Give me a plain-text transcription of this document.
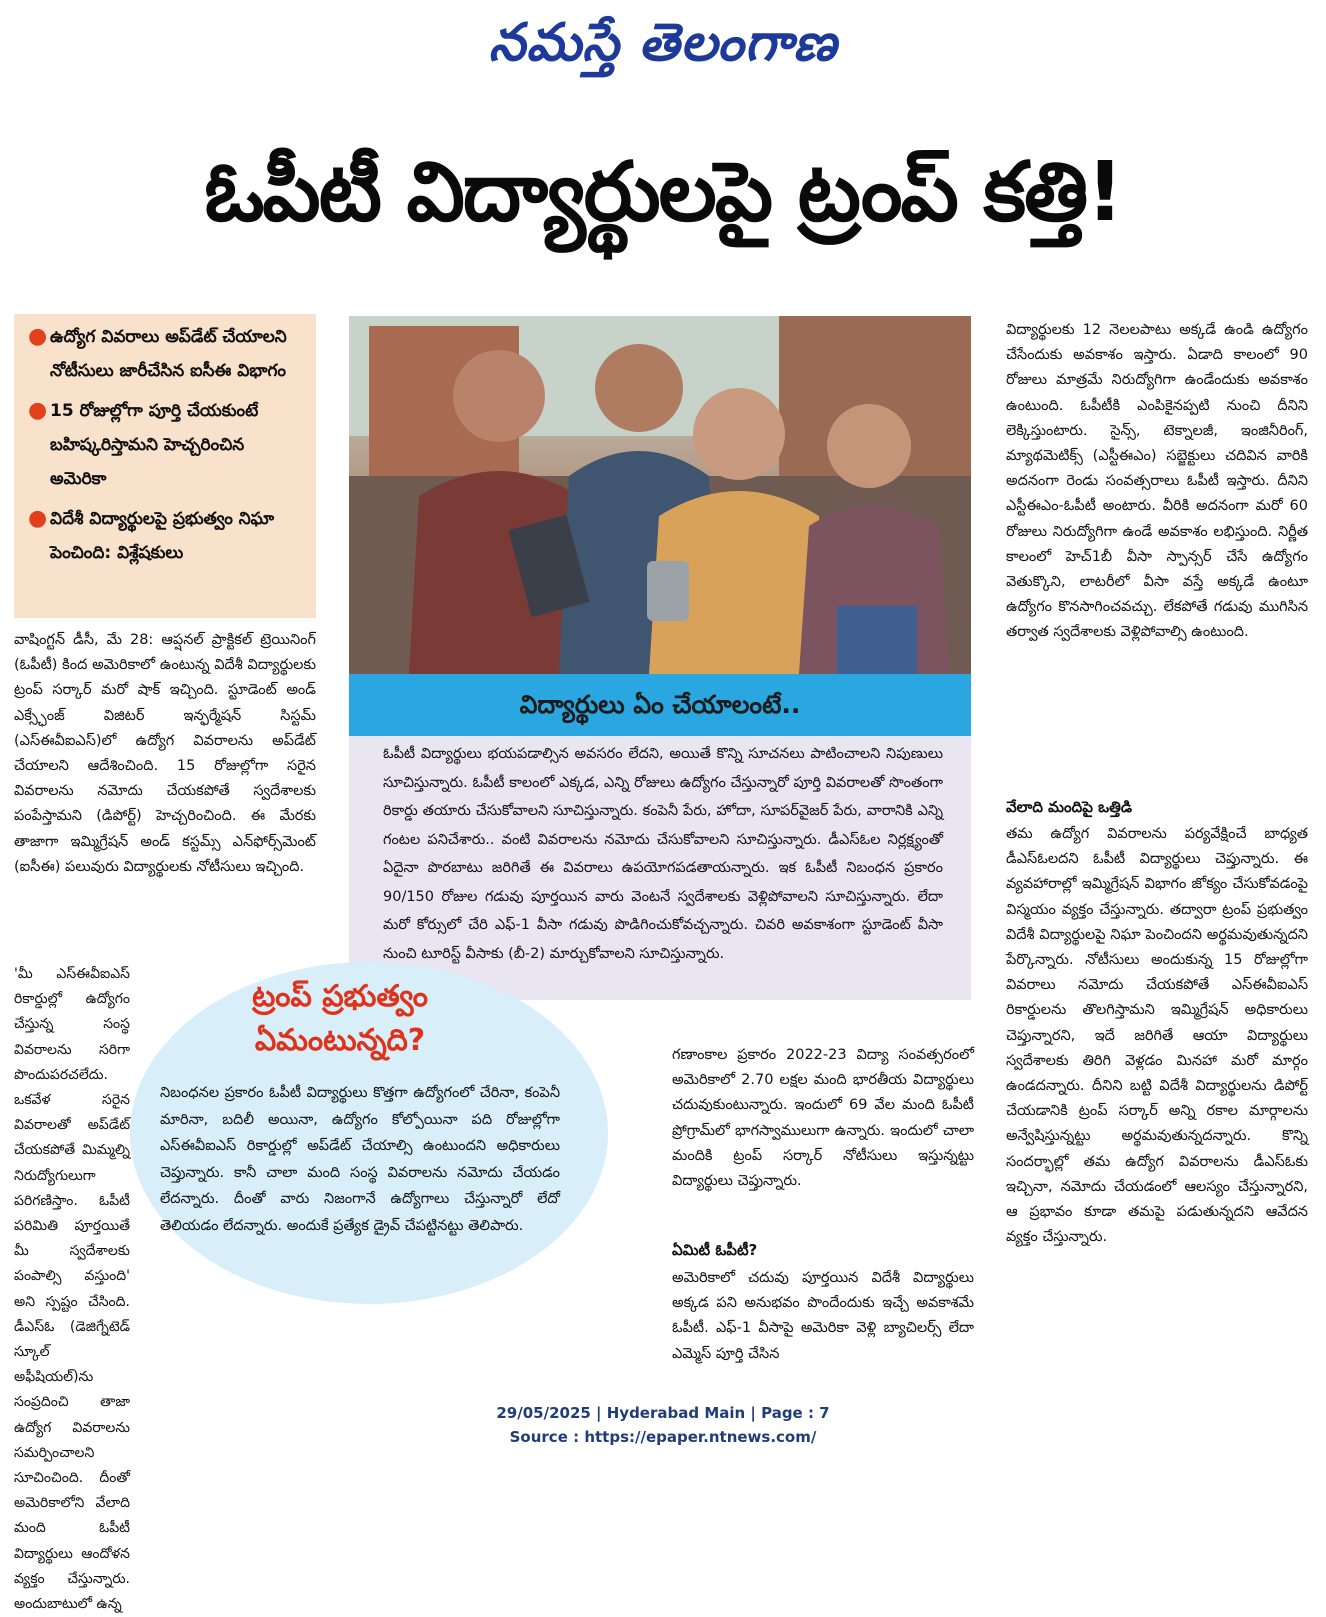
నమస్తే తెలంగాణ
ఓపీటీ విద్యార్థులపై ట్రంప్ కత్తి!
● ఉద్యోగ వివరాలు అప్‌డేట్ చేయాలని నోటీసులు జారీచేసిన ఐసీఈ విభాగం

● 15 రోజుల్లోగా పూర్తి చేయకుంటే బహిష్కరిస్తామని హెచ్చరించిన అమెరికా

● విదేశీ విద్యార్థులపై ప్రభుత్వం నిఘా పెంచింది: విశ్లేషకులు

వాషింగ్టన్ డీసీ, మే 28: ఆప్షనల్ ప్రాక్టికల్ ట్రెయినింగ్ (ఓపీటీ) కింద అమెరికాలో ఉంటున్న విదేశీ విద్యార్థులకు ట్రంప్ సర్కార్ మరో షాక్ ఇచ్చింది. స్టూడెంట్ అండ్ ఎక్స్ఛేంజ్ విజిటర్ ఇన్ఫర్మేషన్ సిస్టమ్ (ఎస్ఈవీఐఎస్)లో ఉద్యోగ వివరాలను అప్‌డేట్ చేయాలని ఆదేశించింది. 15 రోజుల్లోగా సరైన వివరాలను నమోదు చేయకపోతే స్వదేశాలకు పంపేస్తామని (డిపోర్ట్) హెచ్చరించింది. ఈ మేరకు తాజాగా ఇమ్మిగ్రేషన్ అండ్ కస్టమ్స్ ఎన్‌ఫోర్స్‌మెంట్ (ఐసీఈ) పలువురు విద్యార్థులకు నోటీసులు ఇచ్చింది.

'మీ ఎస్ఈవీఐఎస్ రికార్డుల్లో ఉద్యోగం చేస్తున్న సంస్థ వివరాలను సరిగా పొందుపరచలేదు. ఒకవేళ సరైన వివరాలతో అప్‌డేట్ చేయకపోతే మిమ్మల్ని నిరుద్యోగులుగా పరిగణిస్తాం. ఓపీటీ పరిమితి పూర్తయితే మీ స్వదేశాలకు పంపాల్సి వస్తుంది' అని స్పష్టం చేసింది. డీఎస్ఓ (డెజిగ్నేటెడ్ స్కూల్ అఫీషియల్)ను సంప్రదించి తాజా ఉద్యోగ వివరాలను సమర్పించాలని సూచించింది. దీంతో అమెరికాలోని వేలాది మంది ఓపీటీ విద్యార్థులు ఆందోళన వ్యక్తం చేస్తున్నారు. అందుబాటులో ఉన్న

విద్యార్థులు ఏం చేయాలంటే..

ఓపీటీ విద్యార్థులు భయపడాల్సిన అవసరం లేదని, అయితే కొన్ని సూచనలు పాటించాలని నిపుణులు సూచిస్తున్నారు. ఓపీటీ కాలంలో ఎక్కడ, ఎన్ని రోజులు ఉద్యోగం చేస్తున్నారో పూర్తి వివరాలతో సొంతంగా రికార్డు తయారు చేసుకోవాలని సూచిస్తున్నారు. కంపెనీ పేరు, హోదా, సూపర్‌వైజర్ పేరు, వారానికి ఎన్ని గంటల పనిచేశారు.. వంటి వివరాలను నమోదు చేసుకోవాలని సూచిస్తున్నారు. డీఎస్ఓల నిర్లక్ష్యంతో ఏదైనా పొరబాటు జరిగితే ఈ వివరాలు ఉపయోగపడతాయన్నారు. ఇక ఓపీటీ నిబంధన ప్రకారం 90/150 రోజుల గడువు పూర్తయిన వారు వెంటనే స్వదేశాలకు వెళ్లిపోవాలని సూచిస్తున్నారు. లేదా మరో కోర్సులో చేరి ఎఫ్-1 వీసా గడువు పొడిగించుకోవచ్చన్నారు. చివరి అవకాశంగా స్టూడెంట్ వీసా నుంచి టూరిస్ట్ వీసాకు (బీ-2) మార్చుకోవాలని సూచిస్తున్నారు.

ట్రంప్ ప్రభుత్వం ఏమంటున్నది?

నిబంధనల ప్రకారం ఓపీటీ విద్యార్థులు కొత్తగా ఉద్యోగంలో చేరినా, కంపెనీ మారినా, బదిలీ అయినా, ఉద్యోగం కోల్పోయినా పది రోజుల్లోగా ఎస్ఈవీఐఎస్ రికార్డుల్లో అప్‌డేట్ చేయాల్సి ఉంటుందని అధికారులు చెప్తున్నారు. కానీ చాలా మంది సంస్థ వివరాలను నమోదు చేయడం లేదన్నారు. దీంతో వారు నిజంగానే ఉద్యోగాలు చేస్తున్నారో లేదో తెలియడం లేదన్నారు. అందుకే ప్రత్యేక డ్రైవ్ చేపట్టినట్టు తెలిపారు.

గణాంకాల ప్రకారం 2022-23 విద్యా సంవత్సరంలో అమెరికాలో 2.70 లక్షల మంది భారతీయ విద్యార్థులు చదువుకుంటున్నారు. ఇందులో 69 వేల మంది ఓపీటీ ప్రోగ్రామ్‌లో భాగస్వాములుగా ఉన్నారు. ఇందులో చాలా మందికి ట్రంప్ సర్కార్ నోటీసులు ఇస్తున్నట్టు విద్యార్థులు చెప్తున్నారు.

ఏమిటీ ఓపీటీ?

అమెరికాలో చదువు పూర్తయిన విదేశీ విద్యార్థులు అక్కడ పని అనుభవం పొందేందుకు ఇచ్చే అవకాశమే ఓపీటీ. ఎఫ్-1 వీసాపై అమెరికా వెళ్లి బ్యాచిలర్స్ లేదా ఎమ్మెస్ పూర్తి చేసిన

విద్యార్థులకు 12 నెలలపాటు అక్కడే ఉండి ఉద్యోగం చేసేందుకు అవకాశం ఇస్తారు. ఏడాది కాలంలో 90 రోజులు మాత్రమే నిరుద్యోగిగా ఉండేందుకు అవకాశం ఉంటుంది. ఓపీటీకి ఎంపికైనప్పటి నుంచి దీనిని లెక్కిస్తుంటారు. సైన్స్, టెక్నాలజీ, ఇంజినీరింగ్, మ్యాథమెటిక్స్ (ఎస్టీఈఎం) సబ్జెక్టులు చదివిన వారికి అదనంగా రెండు సంవత్సరాలు ఓపీటీ ఇస్తారు. దీనిని ఎస్టీఈఎం-ఓపీటీ అంటారు. వీరికి అదనంగా మరో 60 రోజులు నిరుద్యోగిగా ఉండే అవకాశం లభిస్తుంది. నిర్ణీత కాలంలో హెచ్1బీ వీసా స్పాన్సర్ చేసే ఉద్యోగం వెతుక్కొని, లాటరీలో వీసా వస్తే అక్కడే ఉంటూ ఉద్యోగం కొనసాగించవచ్చు. లేకపోతే గడువు ముగిసిన తర్వాత స్వదేశాలకు వెళ్లిపోవాల్సి ఉంటుంది.

వేలాది మందిపై ఒత్తిడి

తమ ఉద్యోగ వివరాలను పర్యవేక్షించే బాధ్యత డీఎస్ఓలదని ఓపీటీ విద్యార్థులు చెప్తున్నారు. ఈ వ్యవహారాల్లో ఇమ్మిగ్రేషన్ విభాగం జోక్యం చేసుకోవడంపై విస్మయం వ్యక్తం చేస్తున్నారు. తద్వారా ట్రంప్ ప్రభుత్వం విదేశీ విద్యార్థులపై నిఘా పెంచిందని అర్థమవుతున్నదని పేర్కొన్నారు. నోటీసులు అందుకున్న 15 రోజుల్లోగా వివరాలు నమోదు చేయకపోతే ఎస్ఈవీఐఎస్ రికార్డులను తొలగిస్తామని ఇమ్మిగ్రేషన్ అధికారులు చెప్తున్నారని, ఇదే జరిగితే ఆయా విద్యార్థులు స్వదేశాలకు తిరిగి వెళ్లడం మినహా మరో మార్గం ఉండదన్నారు. దీనిని బట్టి విదేశీ విద్యార్థులను డిపోర్ట్ చేయడానికి ట్రంప్ సర్కార్ అన్ని రకాల మార్గాలను అన్వేషిస్తున్నట్టు అర్థమవుతున్నదన్నారు. కొన్ని సందర్భాల్లో తమ ఉద్యోగ వివరాలను డీఎస్ఓకు ఇచ్చినా, నమోదు చేయడంలో ఆలస్యం చేస్తున్నారని, ఆ ప్రభావం కూడా తమపై పడుతున్నదని ఆవేదన వ్యక్తం చేస్తున్నారు.

29/05/2025 | Hyderabad Main | Page : 7
Source : https://epaper.ntnews.com/
